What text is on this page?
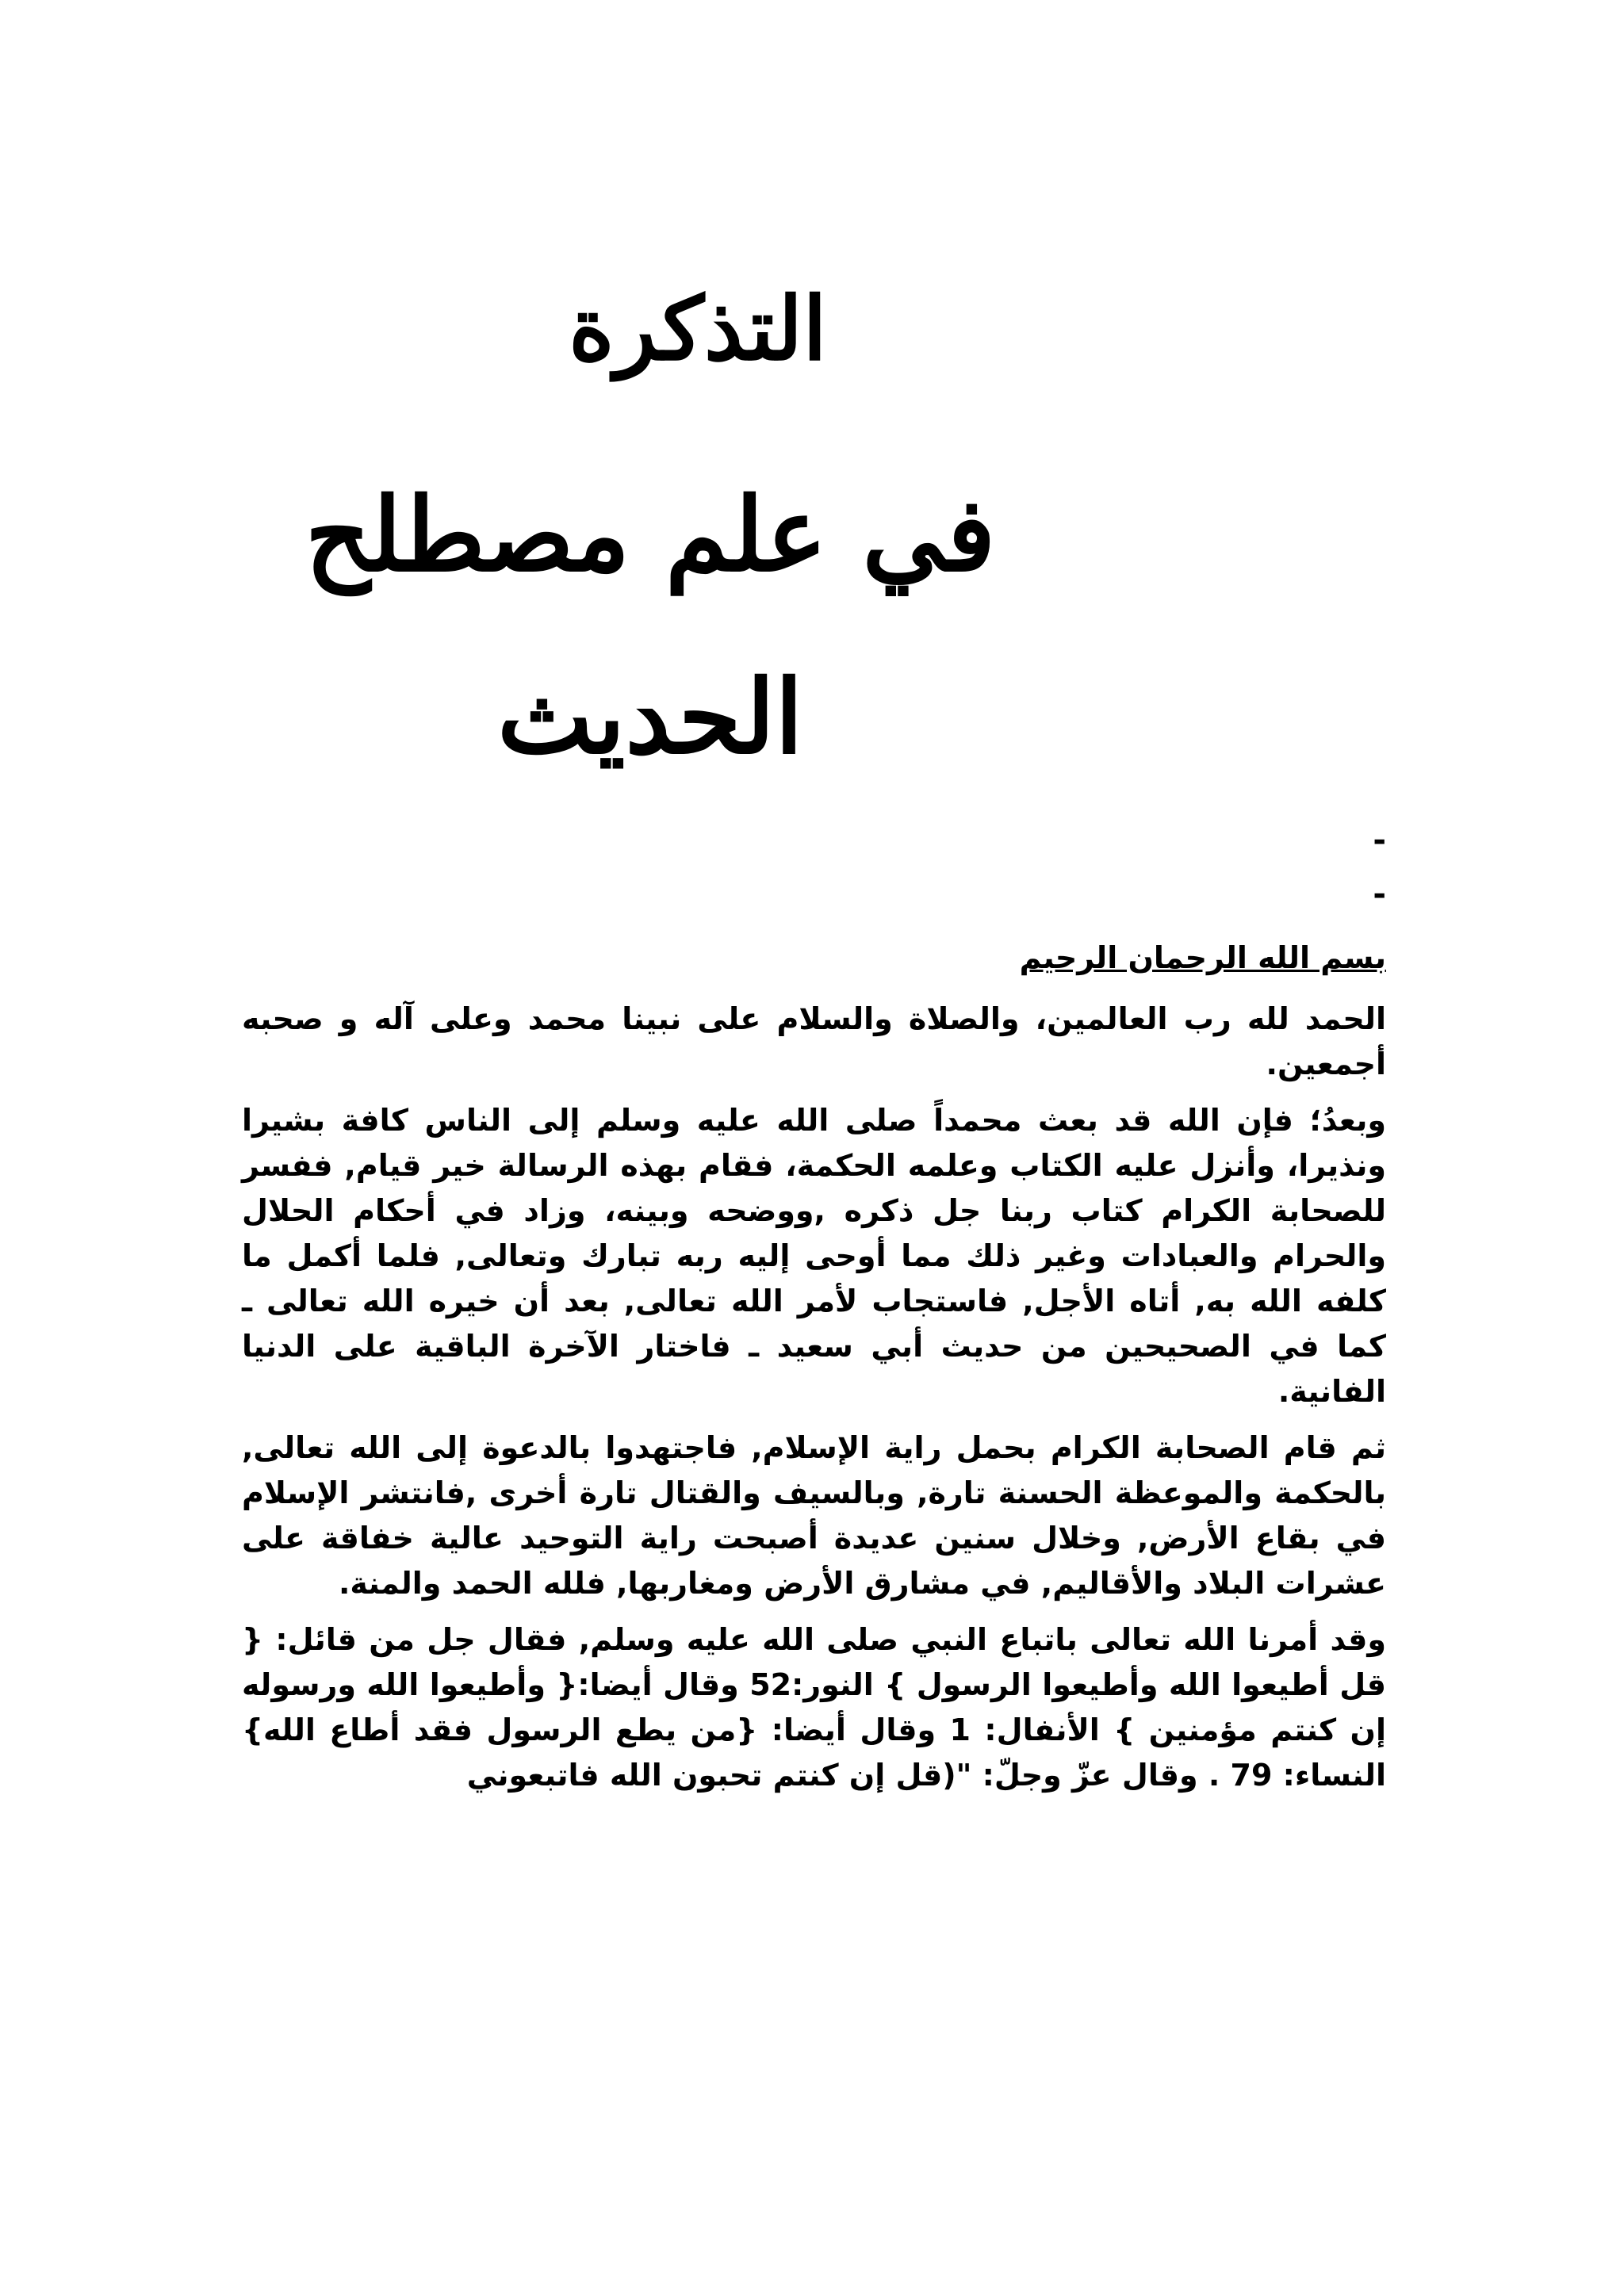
التذكرة
في علم مصطلح الحديث
-
-

بسم الله الرحمان الرحيم

الحمد لله رب العالمين، والصلاة والسلام على نبينا محمد وعلى آله و صحبه أجمعين.

وبعدُ؛ فإن الله قد بعث محمداً صلى الله عليه وسلم إلى الناس كافة بشيرا ونذيرا، وأنزل عليه الكتاب وعلمه الحكمة، فقام بهذه الرسالة خير قيام, ففسر للصحابة الكرام كتاب ربنا جل ذكره ,ووضحه وبينه، وزاد في أحكام الحلال والحرام والعبادات وغير ذلك مما أوحى إليه ربه تبارك وتعالى, فلما أكمل ما كلفه الله به, أتاه الأجل, فاستجاب لأمر الله تعالى, بعد أن خيره الله تعالى ـ كما في الصحيحين من حديث أبي سعيد ـ فاختار الآخرة الباقية على الدنيا الفانية.

ثم قام الصحابة الكرام بحمل راية الإسلام, فاجتهدوا بالدعوة إلى الله تعالى, بالحكمة والموعظة الحسنة تارة, وبالسيف والقتال تارة أخرى ,فانتشر الإسلام في بقاع الأرض, وخلال سنين عديدة أصبحت راية التوحيد عالية خفاقة على عشرات البلاد والأقاليم, في مشارق الأرض ومغاربها, فلله الحمد والمنة.

وقد أمرنا الله تعالى باتباع النبي صلى الله عليه وسلم, فقال جل من قائل: { قل أطيعوا الله وأطيعوا الرسول } النور:52 وقال أيضا:{ وأطيعوا الله ورسوله إن كنتم مؤمنين } الأنفال: 1 وقال أيضا: {من يطع الرسول فقد أطاع الله} النساء: 79 . وقال عزّ وجلّ: "(قل إن كنتم تحبون الله فاتبعوني
